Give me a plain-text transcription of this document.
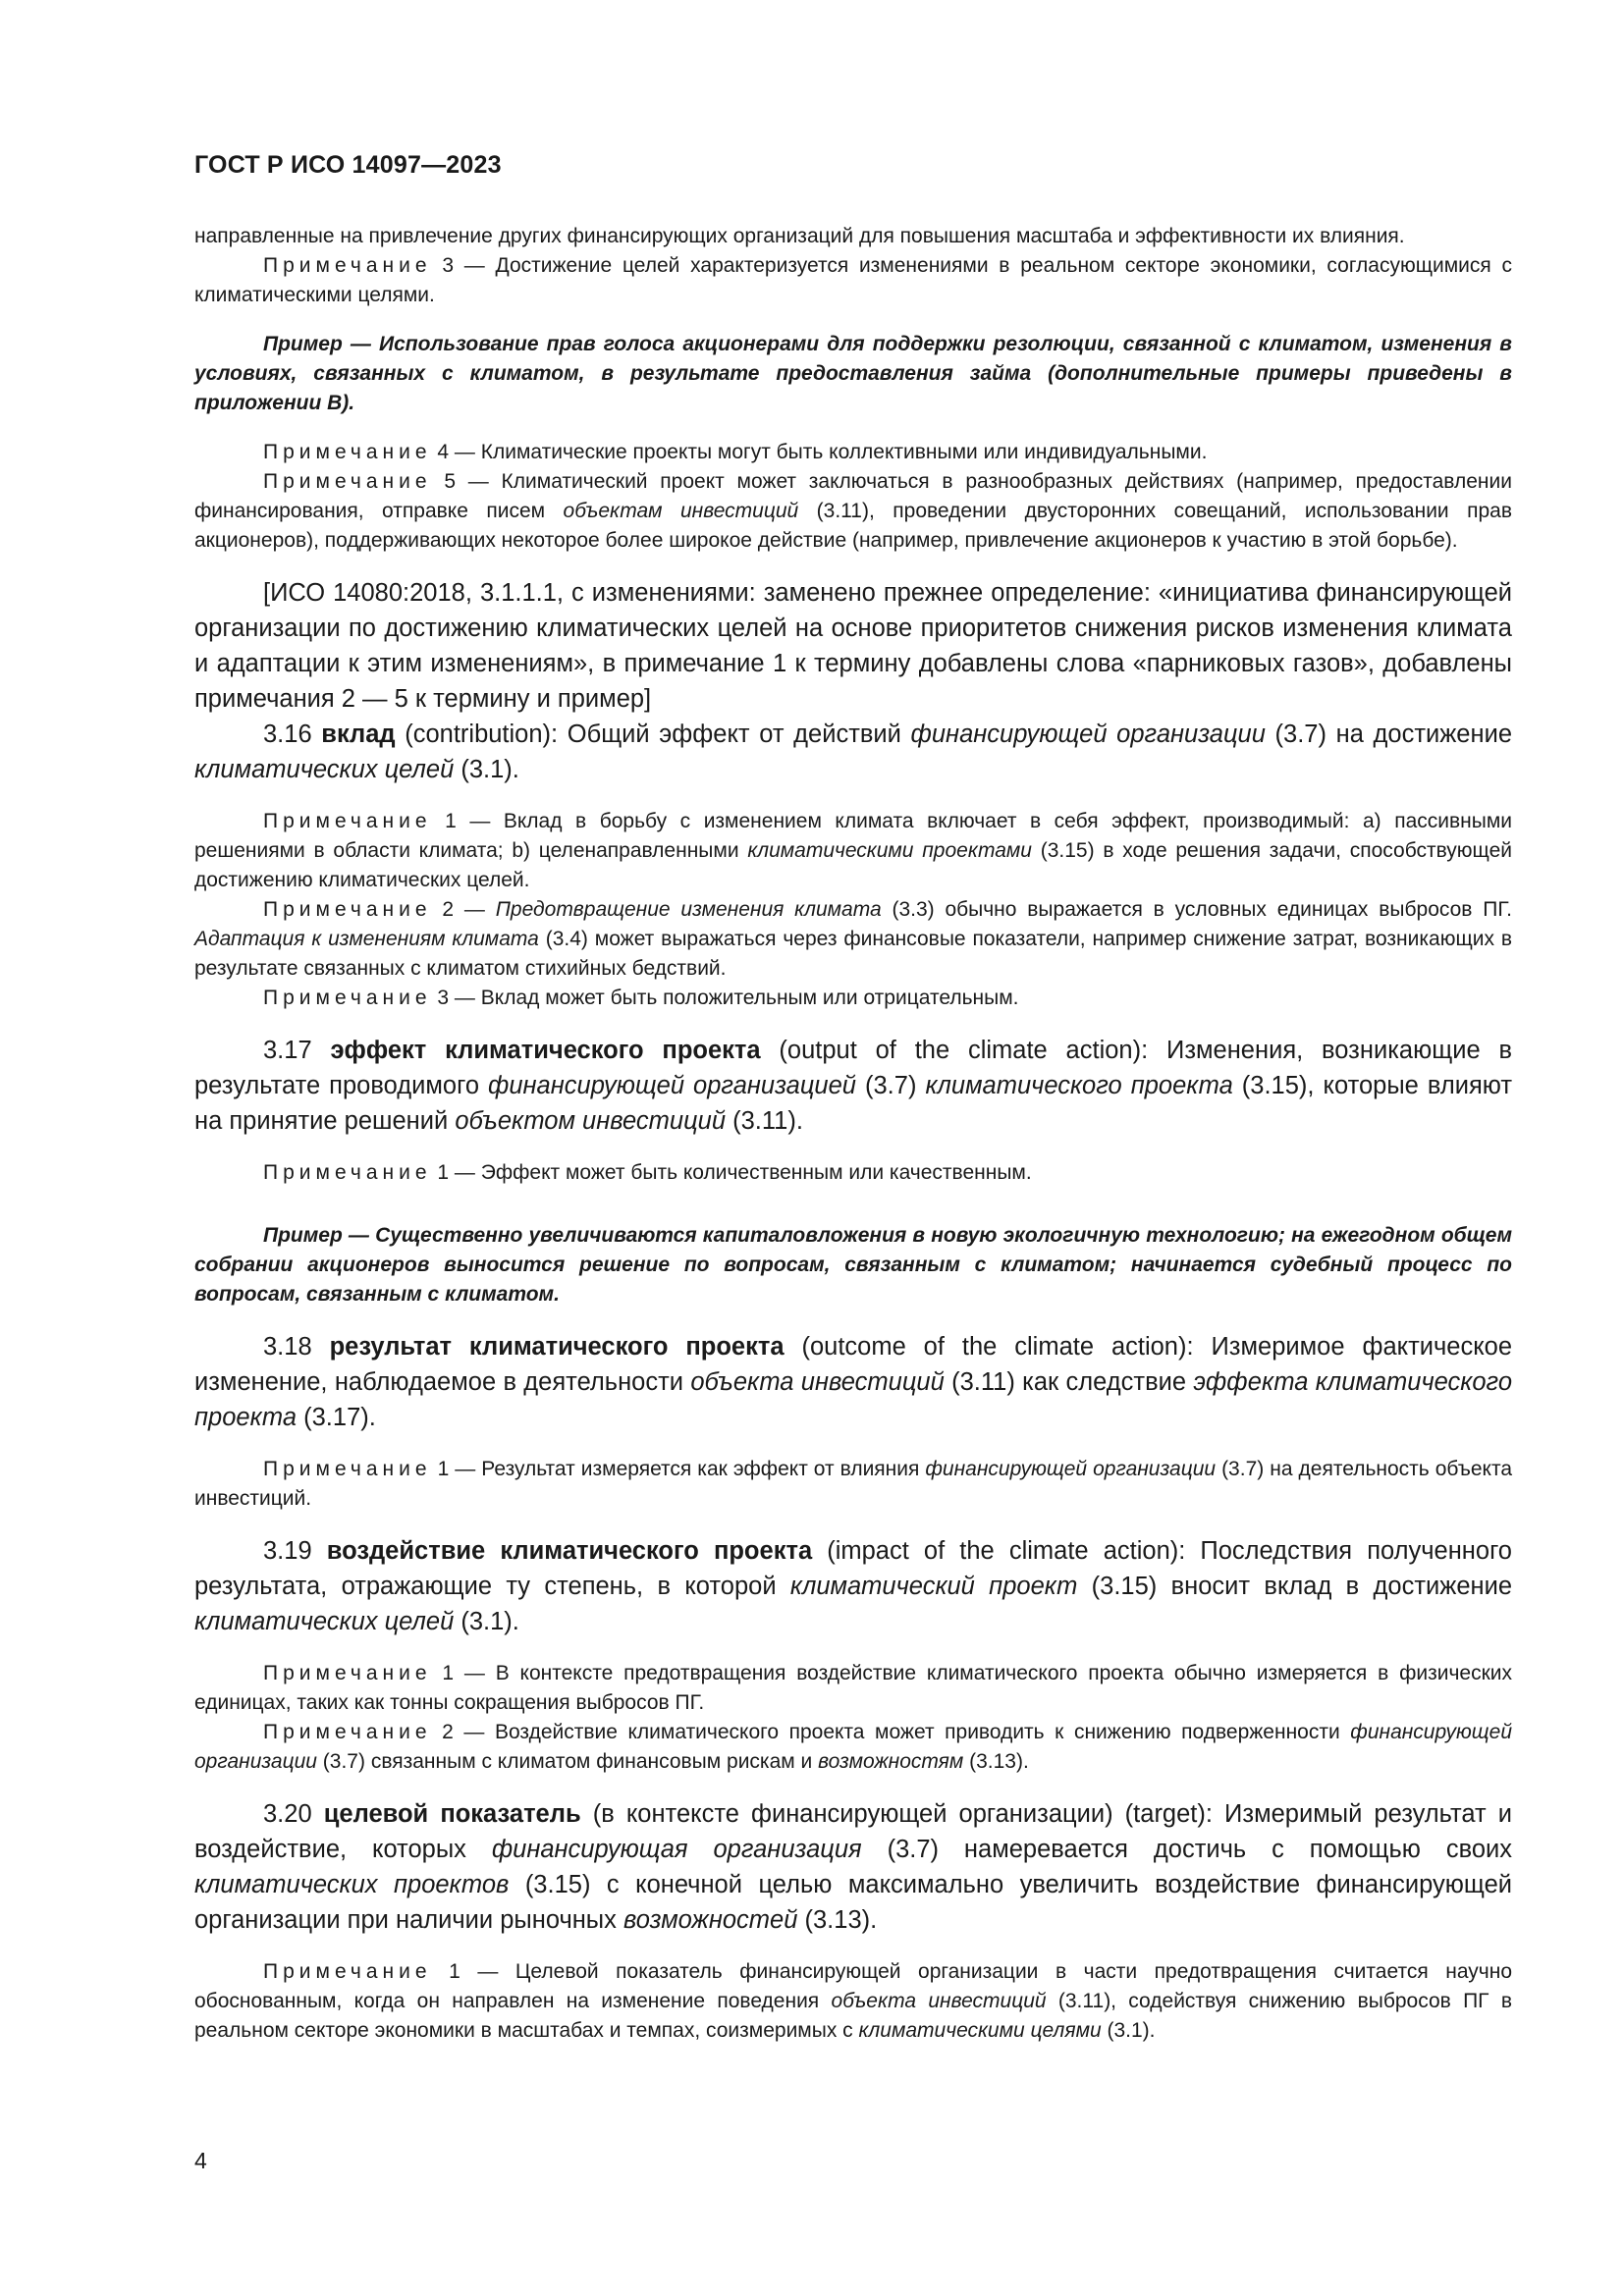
ГОСТ Р ИСО 14097—2023

направленные на привлечение других финансирующих организаций для повышения масштаба и эффективности их влияния.

Примечание 3 — Достижение целей характеризуется изменениями в реальном секторе экономики, согласующимися с климатическими целями.

Пример — Использование прав голоса акционерами для поддержки резолюции, связанной с климатом, изменения в условиях, связанных с климатом, в результате предоставления займа (дополнительные примеры приведены в приложении В).

Примечание 4 — Климатические проекты могут быть коллективными или индивидуальными.

Примечание 5 — Климатический проект может заключаться в разнообразных действиях (например, предоставлении финансирования, отправке писем объектам инвестиций (3.11), проведении двусторонних совещаний, использовании прав акционеров), поддерживающих некоторое более широкое действие (например, привлечение акционеров к участию в этой борьбе).

[ИСО 14080:2018, 3.1.1.1, с изменениями: заменено прежнее определение: «инициатива финансирующей организации по достижению климатических целей на основе приоритетов снижения рисков изменения климата и адаптации к этим изменениям», в примечание 1 к термину добавлены слова «парниковых газов», добавлены примечания 2 — 5 к термину и пример]

3.16 вклад (contribution): Общий эффект от действий финансирующей организации (3.7) на достижение климатических целей (3.1).

Примечание 1 — Вклад в борьбу с изменением климата включает в себя эффект, производимый: а) пассивными решениями в области климата; b) целенаправленными климатическими проектами (3.15) в ходе решения задачи, способствующей достижению климатических целей.

Примечание 2 — Предотвращение изменения климата (3.3) обычно выражается в условных единицах выбросов ПГ. Адаптация к изменениям климата (3.4) может выражаться через финансовые показатели, например снижение затрат, возникающих в результате связанных с климатом стихийных бедствий.

Примечание 3 — Вклад может быть положительным или отрицательным.

3.17 эффект климатического проекта (output of the climate action): Изменения, возникающие в результате проводимого финансирующей организацией (3.7) климатического проекта (3.15), которые влияют на принятие решений объектом инвестиций (3.11).

Примечание 1 — Эффект может быть количественным или качественным.

Пример — Существенно увеличиваются капиталовложения в новую экологичную технологию; на ежегодном общем собрании акционеров выносится решение по вопросам, связанным с климатом; начинается судебный процесс по вопросам, связанным с климатом.

3.18 результат климатического проекта (outcome of the climate action): Измеримое фактическое изменение, наблюдаемое в деятельности объекта инвестиций (3.11) как следствие эффекта климатического проекта (3.17).

Примечание 1 — Результат измеряется как эффект от влияния финансирующей организации (3.7) на деятельность объекта инвестиций.

3.19 воздействие климатического проекта (impact of the climate action): Последствия полученного результата, отражающие ту степень, в которой климатический проект (3.15) вносит вклад в достижение климатических целей (3.1).

Примечание 1 — В контексте предотвращения воздействие климатического проекта обычно измеряется в физических единицах, таких как тонны сокращения выбросов ПГ.

Примечание 2 — Воздействие климатического проекта может приводить к снижению подверженности финансирующей организации (3.7) связанным с климатом финансовым рискам и возможностям (3.13).

3.20 целевой показатель (в контексте финансирующей организации) (target): Измеримый результат и воздействие, которых финансирующая организация (3.7) намеревается достичь с помощью своих климатических проектов (3.15) с конечной целью максимально увеличить воздействие финансирующей организации при наличии рыночных возможностей (3.13).

Примечание 1 — Целевой показатель финансирующей организации в части предотвращения считается научно обоснованным, когда он направлен на изменение поведения объекта инвестиций (3.11), содействуя снижению выбросов ПГ в реальном секторе экономики в масштабах и темпах, соизмеримых с климатическими целями (3.1).

4
